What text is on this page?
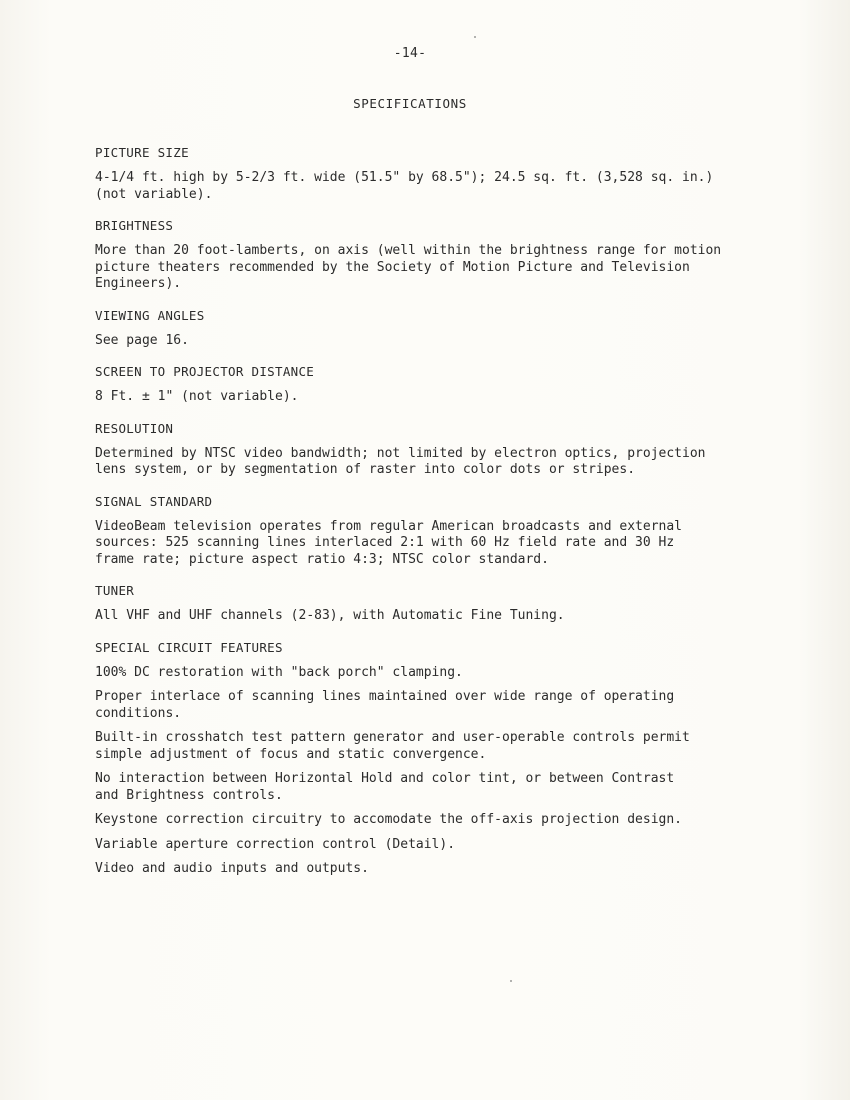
-14-
SPECIFICATIONS
PICTURE SIZE
4-1/4 ft. high by 5-2/3 ft. wide (51.5" by 68.5"); 24.5 sq. ft. (3,528 sq. in.)
(not variable).
BRIGHTNESS
More than 20 foot-lamberts, on axis (well within the brightness range for motion
picture theaters recommended by the Society of Motion Picture and Television
Engineers).
VIEWING ANGLES
See page 16.
SCREEN TO PROJECTOR DISTANCE
8 Ft. ± 1" (not variable).
RESOLUTION
Determined by NTSC video bandwidth; not limited by electron optics, projection
lens system, or by segmentation of raster into color dots or stripes.
SIGNAL STANDARD
VideoBeam television operates from regular American broadcasts and external
sources: 525 scanning lines interlaced 2:1 with 60 Hz field rate and 30 Hz
frame rate; picture aspect ratio 4:3; NTSC color standard.
TUNER
All VHF and UHF channels (2-83), with Automatic Fine Tuning.
SPECIAL CIRCUIT FEATURES
100% DC restoration with "back porch" clamping.
Proper interlace of scanning lines maintained over wide range of operating
conditions.
Built-in crosshatch test pattern generator and user-operable controls permit
simple adjustment of focus and static convergence.
No interaction between Horizontal Hold and color tint, or between Contrast
and Brightness controls.
Keystone correction circuitry to accomodate the off-axis projection design.
Variable aperture correction control (Detail).
Video and audio inputs and outputs.
